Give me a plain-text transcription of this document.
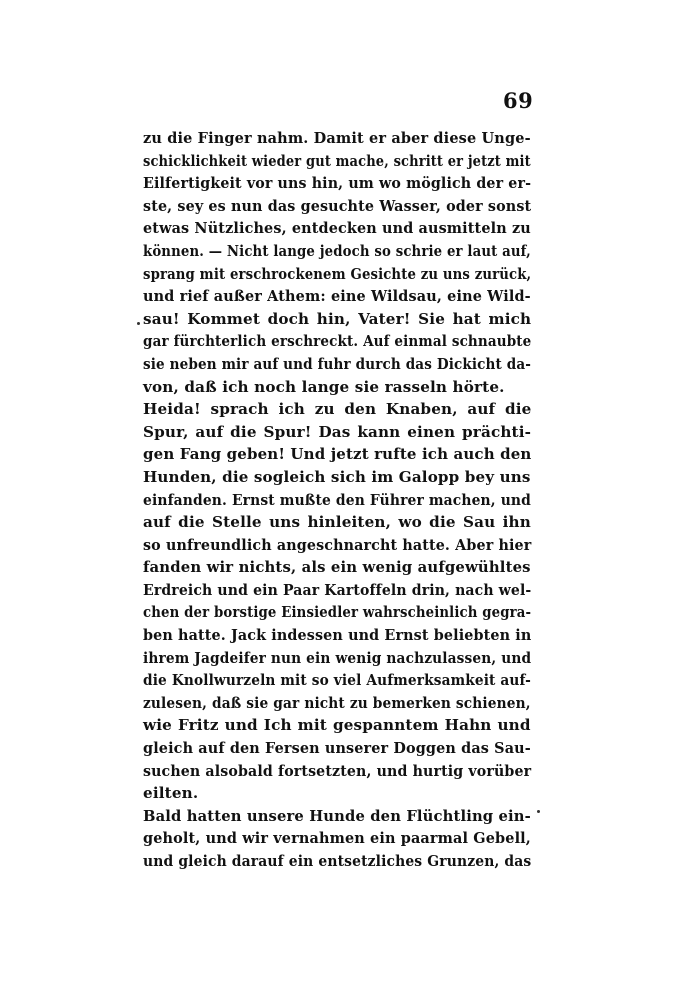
69
zu die Finger nahm. Damit er aber diese Unge-
schicklichkeit wieder gut mache, schritt er jetzt mit
Eilfertigkeit vor uns hin, um wo möglich der er-
ste, sey es nun das gesuchte Wasser, oder sonst
etwas Nützliches, entdecken und ausmitteln zu
können. — Nicht lange jedoch so schrie er laut auf,
sprang mit erschrockenem Gesichte zu uns zurück,
und rief außer Athem: eine Wildsau, eine Wild-
sau! Kommet doch hin, Vater! Sie hat mich
gar fürchterlich erschreckt. Auf einmal schnaubte
sie neben mir auf und fuhr durch das Dickicht da-
von, daß ich noch lange sie rasseln hörte.
Heida! sprach ich zu den Knaben, auf die
Spur, auf die Spur! Das kann einen prächti-
gen Fang geben! Und jetzt rufte ich auch den
Hunden, die sogleich sich im Galopp bey uns
einfanden. Ernst mußte den Führer machen, und
auf die Stelle uns hinleiten, wo die Sau ihn
so unfreundlich angeschnarcht hatte. Aber hier
fanden wir nichts, als ein wenig aufgewühltes
Erdreich und ein Paar Kartoffeln drin, nach wel-
chen der borstige Einsiedler wahrscheinlich gegra-
ben hatte. Jack indessen und Ernst beliebten in
ihrem Jagdeifer nun ein wenig nachzulassen, und
die Knollwurzeln mit so viel Aufmerksamkeit auf-
zulesen, daß sie gar nicht zu bemerken schienen,
wie Fritz und Ich mit gespanntem Hahn und
gleich auf den Fersen unserer Doggen das Sau-
suchen alsobald fortsetzten, und hurtig vorüber
eilten.
Bald hatten unsere Hunde den Flüchtling ein-
geholt, und wir vernahmen ein paarmal Gebell,
und gleich darauf ein entsetzliches Grunzen, das
